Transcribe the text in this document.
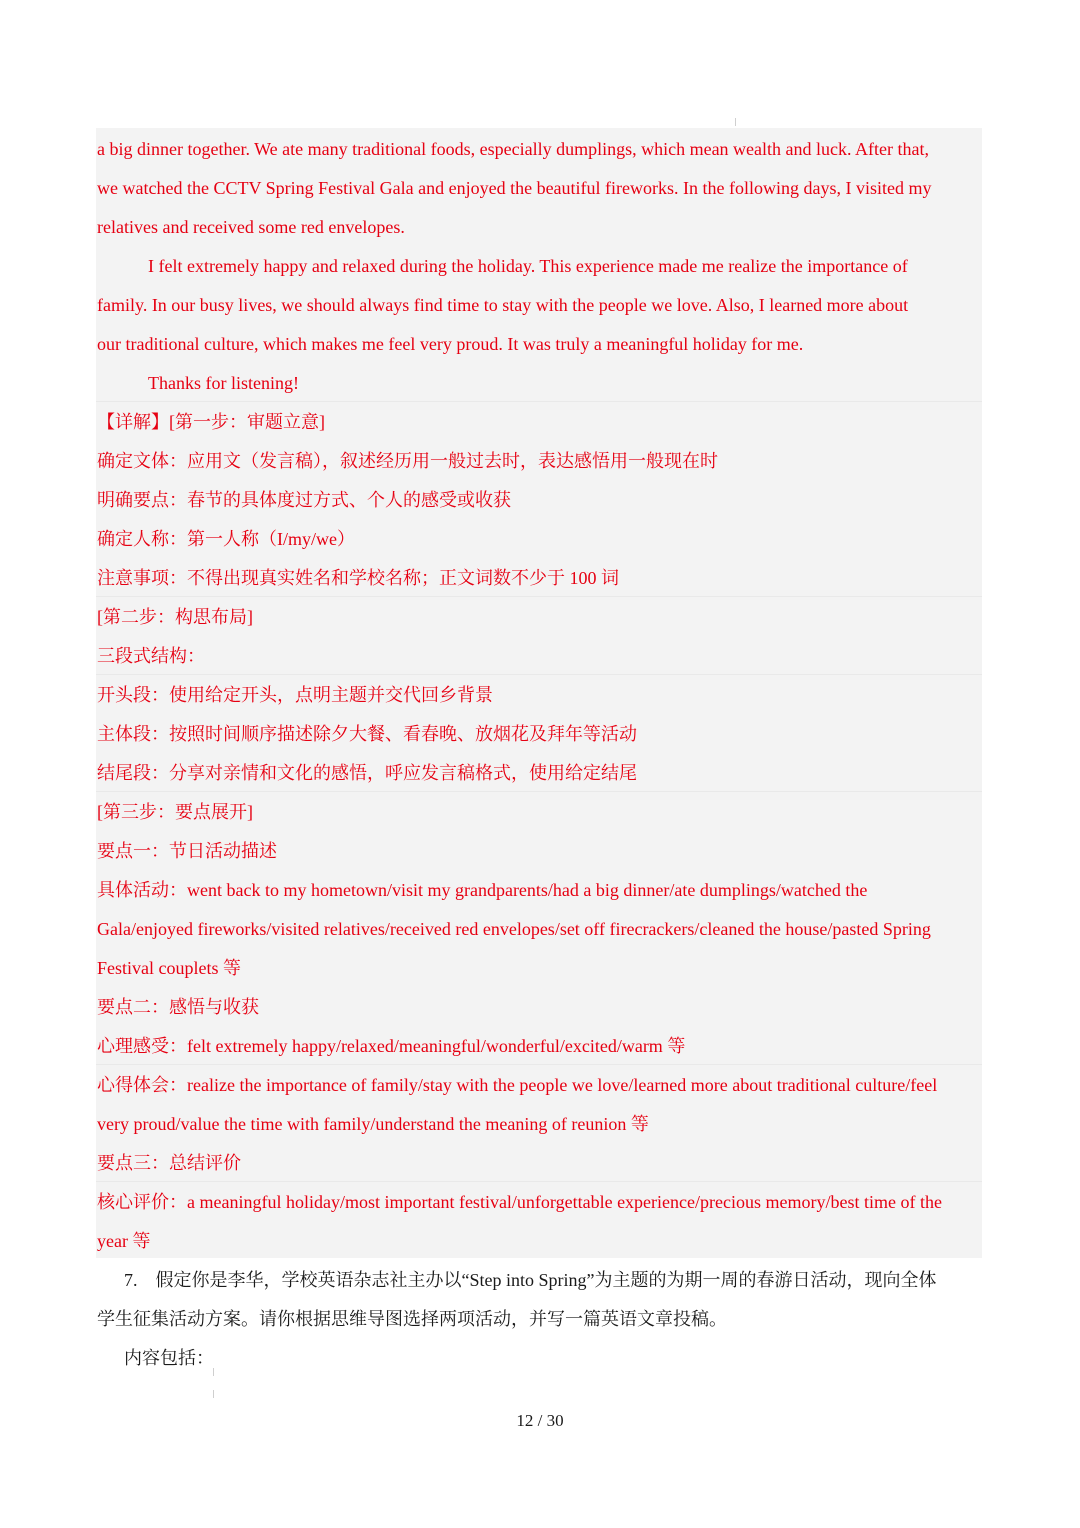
a big dinner together. We ate many traditional foods, especially dumplings, which mean wealth and luck. After that,
we watched the CCTV Spring Festival Gala and enjoyed the beautiful fireworks. In the following days, I visited my
relatives and received some red envelopes.
I felt extremely happy and relaxed during the holiday. This experience made me realize the importance of
family. In our busy lives, we should always find time to stay with the people we love. Also, I learned more about
our traditional culture, which makes me feel very proud. It was truly a meaningful holiday for me.
Thanks for listening!
【详解】[第一步：审题立意]
确定文体：应用文（发言稿），叙述经历用一般过去时，表达感悟用一般现在时
明确要点：春节的具体度过方式、个人的感受或收获
确定人称：第一人称（I/my/we）
注意事项：不得出现真实姓名和学校名称；正文词数不少于 100 词
[第二步：构思布局]
三段式结构：
开头段：使用给定开头，点明主题并交代回乡背景
主体段：按照时间顺序描述除夕大餐、看春晚、放烟花及拜年等活动
结尾段：分享对亲情和文化的感悟，呼应发言稿格式，使用给定结尾
[第三步：要点展开]
要点一：节日活动描述
具体活动：went back to my hometown/visit my grandparents/had a big dinner/ate dumplings/watched the
Gala/enjoyed fireworks/visited relatives/received red envelopes/set off firecrackers/cleaned the house/pasted Spring
Festival couplets 等
要点二：感悟与收获
心理感受：felt extremely happy/relaxed/meaningful/wonderful/excited/warm 等
心得体会：realize the importance of family/stay with the people we love/learned more about traditional culture/feel
very proud/value the time with family/understand the meaning of reunion 等
要点三：总结评价
核心评价：a meaningful holiday/most important festival/unforgettable experience/precious memory/best time of the
year 等
7.　假定你是李华，学校英语杂志社主办以“Step into Spring”为主题的为期一周的春游日活动，现向全体
学生征集活动方案。请你根据思维导图选择两项活动，并写一篇英语文章投稿。
内容包括：
12 / 30
